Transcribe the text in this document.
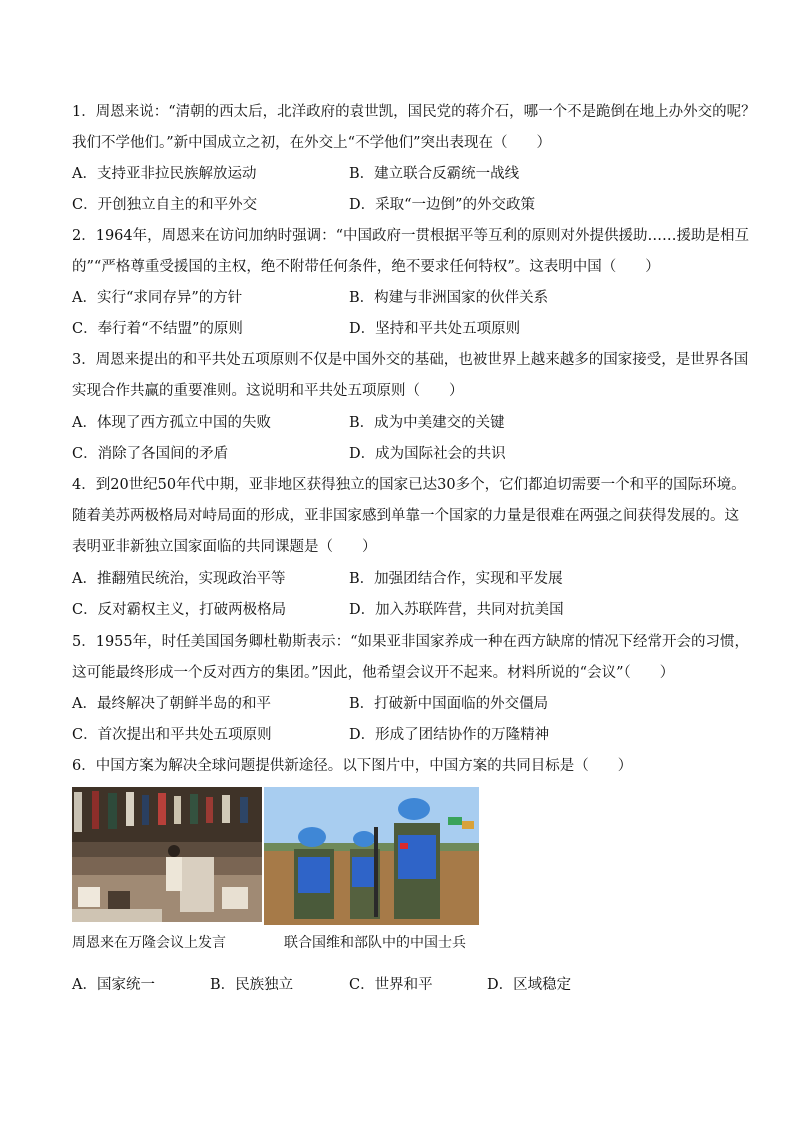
1．周恩来说：“清朝的西太后，北洋政府的袁世凯，国民党的蒋介石，哪一个不是跪倒在地上办外交的呢？
我们不学他们。”新中国成立之初，在外交上“不学他们”突出表现在（　　）
A．支持亚非拉民族解放运动	B．建立联合反霸统一战线
C．开创独立自主的和平外交	D．采取“一边倒”的外交政策
2．1964年，周恩来在访问加纳时强调：“中国政府一贯根据平等互利的原则对外提供援助……援助是相互
的”“严格尊重受援国的主权，绝不附带任何条件，绝不要求任何特权”。这表明中国（　　）
A．实行“求同存异”的方针	B．构建与非洲国家的伙伴关系
C．奉行着“不结盟”的原则	D．坚持和平共处五项原则
3．周恩来提出的和平共处五项原则不仅是中国外交的基础，也被世界上越来越多的国家接受，是世界各国
实现合作共赢的重要准则。这说明和平共处五项原则（　　）
A．体现了西方孤立中国的失败	B．成为中美建交的关键
C．消除了各国间的矛盾	D．成为国际社会的共识
4．到20世纪50年代中期，亚非地区获得独立的国家已达30多个，它们都迫切需要一个和平的国际环境。
随着美苏两极格局对峙局面的形成，亚非国家感到单靠一个国家的力量是很难在两强之间获得发展的。这
表明亚非新独立国家面临的共同课题是（　　）
A．推翻殖民统治，实现政治平等	B．加强团结合作，实现和平发展
C．反对霸权主义，打破两极格局	D．加入苏联阵营，共同对抗美国
5．1955年，时任美国国务卿杜勒斯表示：“如果亚非国家养成一种在西方缺席的情况下经常开会的习惯，
这可能最终形成一个反对西方的集团。”因此，他希望会议开不起来。材料所说的“会议”（　　）
A．最终解决了朝鲜半岛的和平	B．打破新中国面临的外交僵局
C．首次提出和平共处五项原则	D．形成了团结协作的万隆精神
6．中国方案为解决全球问题提供新途径。以下图片中，中国方案的共同目标是（　　）
周恩来在万隆会议上发言	联合国维和部队中的中国士兵
A．国家统一	B．民族独立	C．世界和平	D．区域稳定
